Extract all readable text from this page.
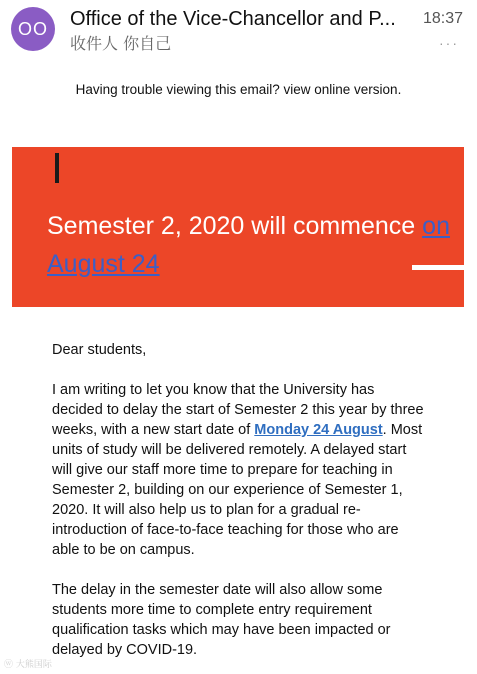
OO	Office of the Vice-Chancellor and P...
收件人 你自己
18:37
···
Having trouble viewing this email? view online version.
Semester 2, 2020 will commence on August 24

Dear students,

I am writing to let you know that the University has decided to delay the start of Semester 2 this year by three weeks, with a new start date of Monday 24 August. Most units of study will be delivered remotely. A delayed start will give our staff more time to prepare for teaching in Semester 2, building on our experience of Semester 1, 2020. It will also help us to plan for a gradual re-introduction of face-to-face teaching for those who are able to be on campus.

The delay in the semester date will also allow some students more time to complete entry requirement qualification tasks which may have been impacted or delayed by COVID-19.

ⓦ 大熊国际
